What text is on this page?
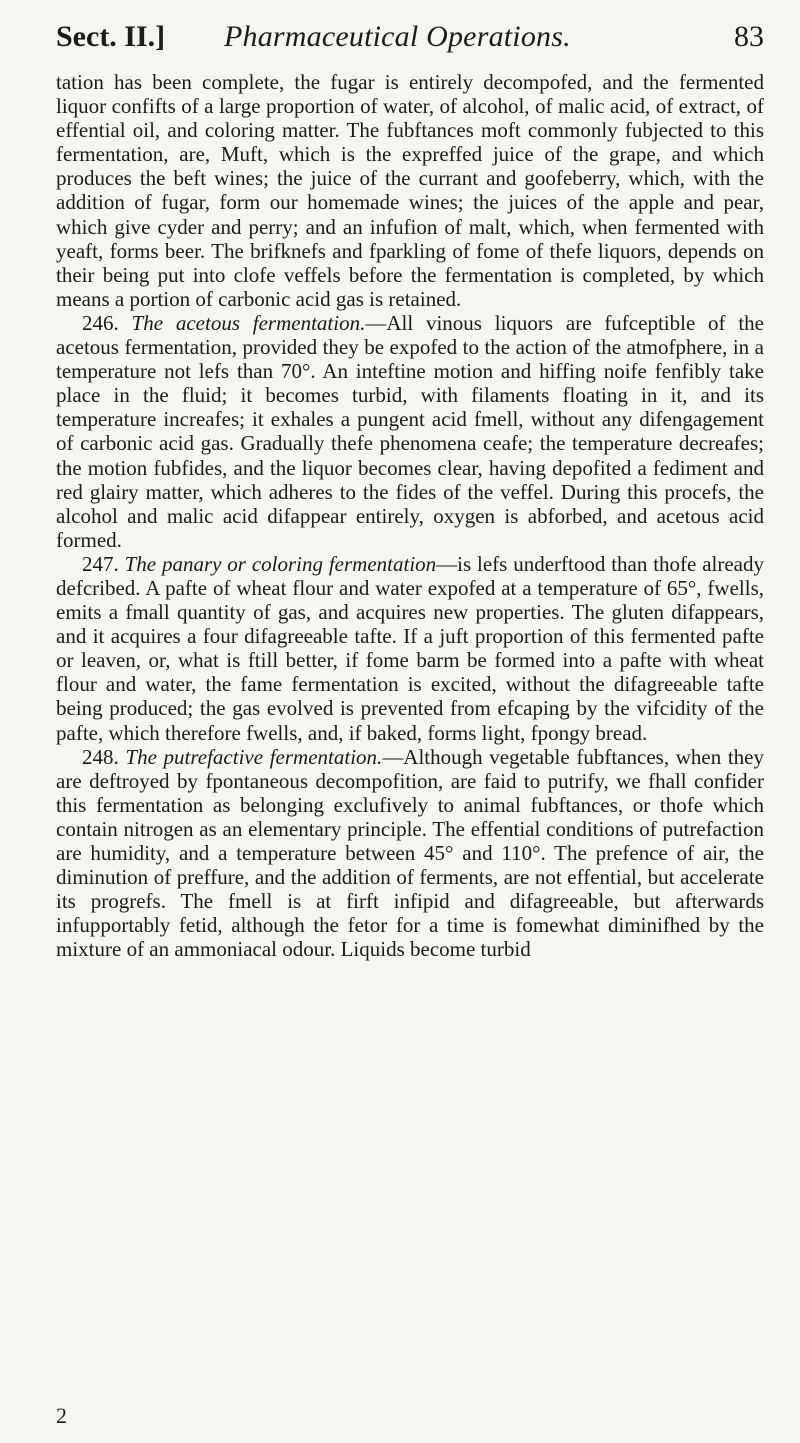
Sect. II.] Pharmaceutical Operations.	83

tation has been complete, the fugar is entirely decompofed, and the fermented liquor confifts of a large proportion of water, of alcohol, of malic acid, of extract, of effential oil, and coloring matter. The fubftances moft commonly fubjected to this fermentation, are, Muft, which is the expreffed juice of the grape, and which produces the beft wines; the juice of the currant and goofeberry, which, with the addition of fugar, form our homemade wines; the juices of the apple and pear, which give cyder and perry; and an infufion of malt, which, when fermented with yeaft, forms beer. The brifknefs and fparkling of fome of thefe liquors, depends on their being put into clofe veffels before the fermentation is completed, by which means a portion of carbonic acid gas is retained.

246. The acetous fermentation.—All vinous liquors are fufceptible of the acetous fermentation, provided they be expofed to the action of the atmofphere, in a temperature not lefs than 70°. An inteftine motion and hiffing noife fenfibly take place in the fluid; it becomes turbid, with filaments floating in it, and its temperature increafes; it exhales a pungent acid fmell, without any difengagement of carbonic acid gas. Gradually thefe phenomena ceafe; the temperature decreafes; the motion fubfides, and the liquor becomes clear, having depofited a fediment and red glairy matter, which adheres to the fides of the veffel. During this procefs, the alcohol and malic acid difappear entirely, oxygen is abforbed, and acetous acid formed.

247. The panary or coloring fermentation—is lefs underftood than thofe already defcribed. A pafte of wheat flour and water expofed at a temperature of 65°, fwells, emits a fmall quantity of gas, and acquires new properties. The gluten difappears, and it acquires a four difagreeable tafte. If a juft proportion of this fermented pafte or leaven, or, what is ftill better, if fome barm be formed into a pafte with wheat flour and water, the fame fermentation is excited, without the difagreeable tafte being produced; the gas evolved is prevented from efcaping by the vifcidity of the pafte, which therefore fwells, and, if baked, forms light, fpongy bread.

248. The putrefactive fermentation.—Although vegetable fubftances, when they are deftroyed by fpontaneous decompofition, are faid to putrify, we fhall confider this fermentation as belonging exclufively to animal fubftances, or thofe which contain nitrogen as an elementary principle. The effential conditions of putrefaction are humidity, and a temperature between 45° and 110°. The prefence of air, the diminution of preffure, and the addition of ferments, are not effential, but accelerate its progrefs. The fmell is at firft infipid and difagreeable, but afterwards infupportably fetid, although the fetor for a time is fomewhat diminifhed by the mixture of an ammoniacal odour. Liquids become turbid

2
